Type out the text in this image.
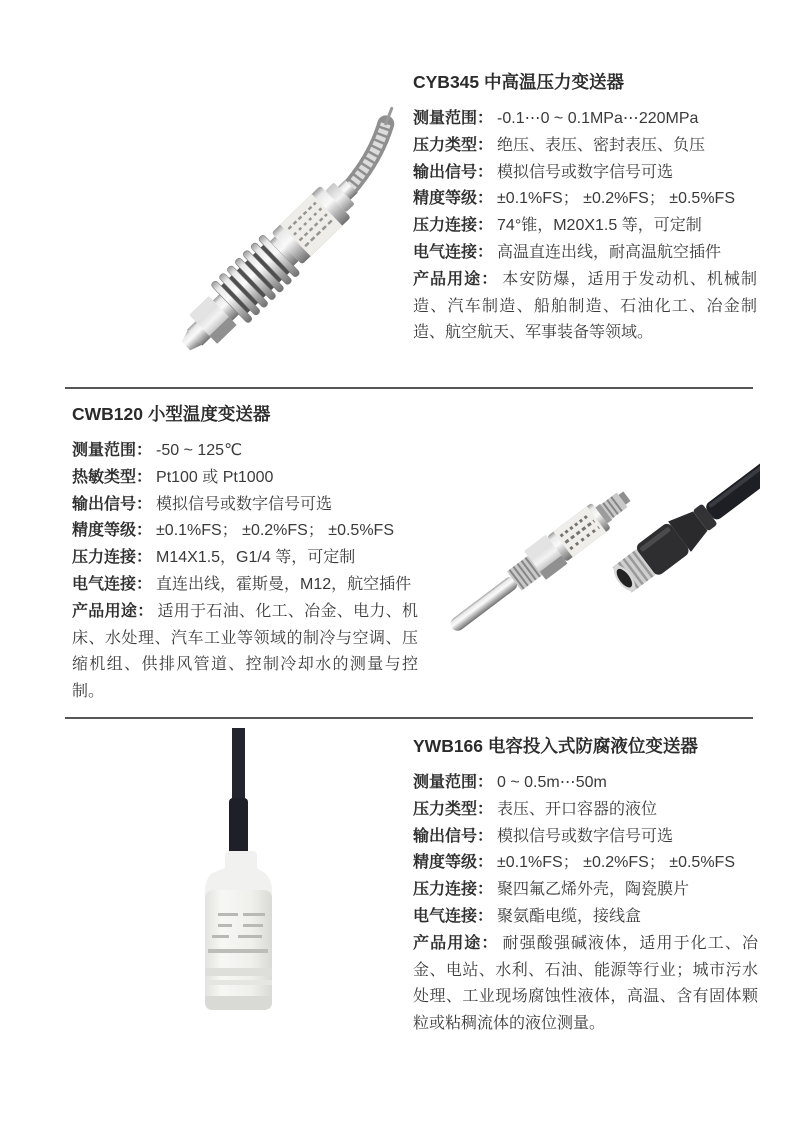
CYB345 中高温压力变送器
测量范围： -0.1⋯0 ~ 0.1MPa⋯220MPa
压力类型： 绝压、表压、密封表压、负压
输出信号： 模拟信号或数字信号可选
精度等级： ±0.1%FS； ±0.2%FS； ±0.5%FS
压力连接： 74°锥，M20X1.5 等，可定制
电气连接： 高温直连出线，耐高温航空插件
产品用途： 本安防爆，适用于发动机、机械制造、汽车制造、船舶制造、石油化工、冶金制造、航空航天、军事装备等领域。
CWB120 小型温度变送器
测量范围： -50 ~ 125℃
热敏类型： Pt100 或 Pt1000
输出信号： 模拟信号或数字信号可选
精度等级： ±0.1%FS； ±0.2%FS； ±0.5%FS
压力连接： M14X1.5，G1/4 等，可定制
电气连接： 直连出线，霍斯曼，M12，航空插件
产品用途： 适用于石油、化工、冶金、电力、机床、水处理、汽车工业等领域的制冷与空调、压缩机组、供排风管道、控制冷却水的测量与控制。
YWB166 电容投入式防腐液位变送器
测量范围： 0 ~ 0.5m⋯50m
压力类型： 表压、开口容器的液位
输出信号： 模拟信号或数字信号可选
精度等级： ±0.1%FS； ±0.2%FS； ±0.5%FS
压力连接： 聚四氟乙烯外壳，陶瓷膜片
电气连接： 聚氨酯电缆，接线盒
产品用途： 耐强酸强碱液体，适用于化工、冶金、电站、水利、石油、能源等行业；城市污水处理、工业现场腐蚀性液体，高温、含有固体颗粒或粘稠流体的液位测量。
